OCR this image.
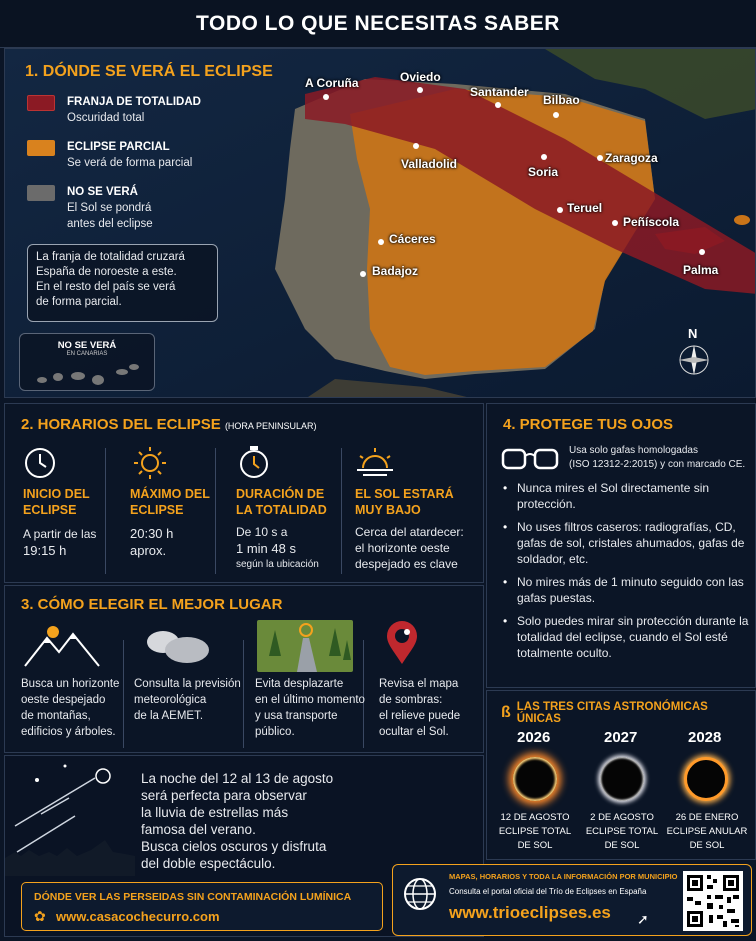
TODO LO QUE NECESITAS SABER
1. DÓNDE SE VERÁ EL ECLIPSE
FRANJA DE TOTALIDAD
Oscuridad total
ECLIPSE PARCIAL
Se verá de forma parcial
NO SE VERÁ
El Sol se pondrá
antes del eclipse
La franja de totalidad cruzará
España de noroeste a este.
En el resto del país se verá
de forma parcial.
NO SE VERÁ
EN CANARIAS
A Coruña	Oviedo
Santander
Bilbao
Valladolid
Soria
Zaragoza
Teruel
Peñíscola
Cáceres
Badajoz	Palma
N
2. HORARIOS DEL ECLIPSE (HORA PENINSULAR)
INICIO DEL
ECLIPSE
A partir de las
19:15 h
MÁXIMO DEL
ECLIPSE
20:30 h
aprox.
DURACIÓN DE
LA TOTALIDAD
De 10 s a
1 min 48 s
según la ubicación
EL SOL ESTARÁ
MUY BAJO
Cerca del atardecer:
el horizonte oeste
despejado es clave
3. CÓMO ELEGIR EL MEJOR LUGAR
Busca un horizonte
oeste despejado
de montañas,
edificios y árboles.
Consulta la previsión
meteorológica
de la AEMET.
Evita desplazarte
en el último momento
y usa transporte
público.
Revisa el mapa
de sombras:
el relieve puede
ocultar el Sol.
La noche del 12 al 13 de agosto
será perfecta para observar
la lluvia de estrellas más
famosa del verano.
Busca cielos oscuros y disfruta
del doble espectáculo.
DÓNDE VER LAS PERSEIDAS SIN CONTAMINACIÓN LUMÍNICA
✿ www.casacochecurro.com
4. PROTEGE TUS OJOS
Usa solo gafas homologadas
(ISO 12312-2:2015) y con marcado CE.
• Nunca mires el Sol directamente sin protección.
• No uses filtros caseros: radiografías, CD, gafas de sol, cristales ahumados, gafas de soldador, etc.
• No mires más de 1 minuto seguido con las gafas puestas.
• Solo puedes mirar sin protección durante la totalidad del eclipse, cuando el Sol esté totalmente oculto.
ß LAS TRES CITAS ASTRONÓMICAS ÚNICAS
2026	2027	2028
12 DE AGOSTO
ECLIPSE TOTAL
DE SOL
2 DE AGOSTO
ECLIPSE TOTAL
DE SOL
26 DE ENERO
ECLIPSE ANULAR
DE SOL
MAPAS, HORARIOS Y TODA LA INFORMACIÓN POR MUNICIPIO
Consulta el portal oficial del Trío de Eclipses en España
www.trioeclipses.es ➚
